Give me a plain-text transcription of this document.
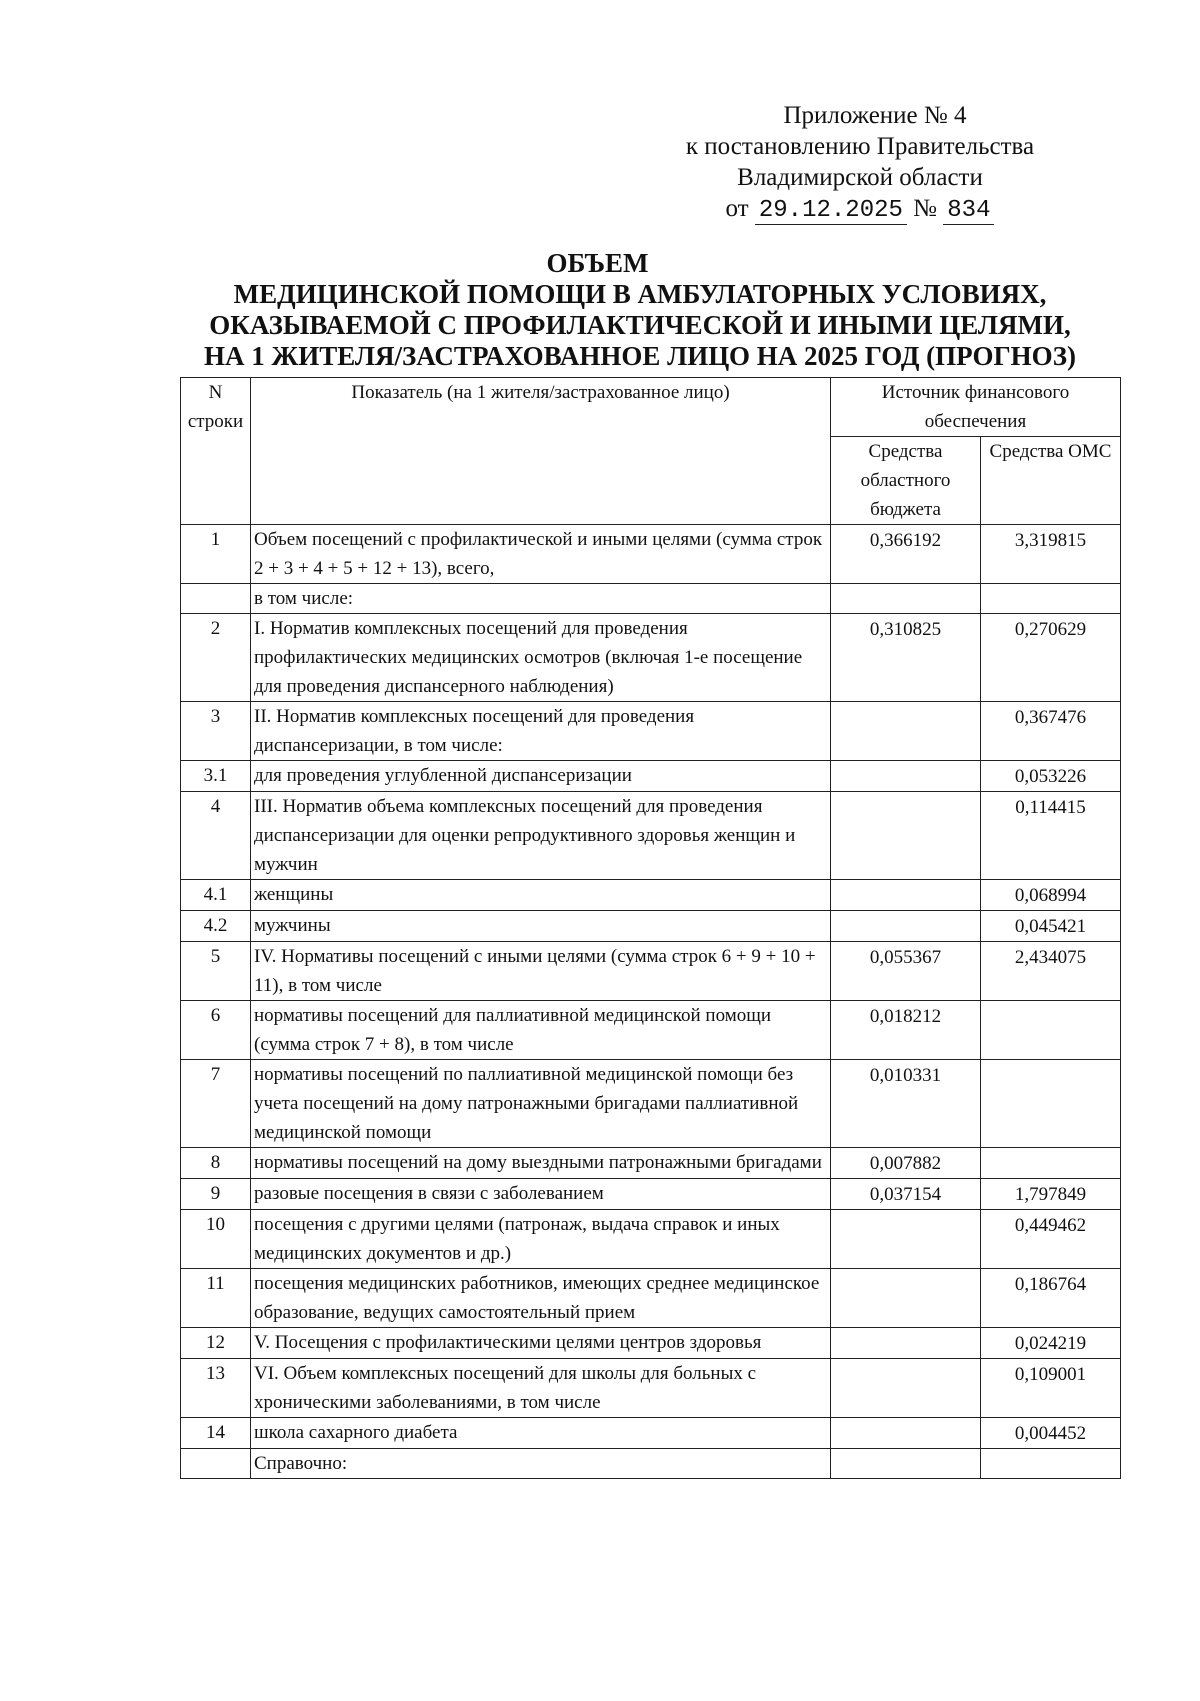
Приложение № 4
к постановлению Правительства
Владимирской области
от 29.12.2025 № 834
ОБЪЕМ
МЕДИЦИНСКОЙ ПОМОЩИ В АМБУЛАТОРНЫХ УСЛОВИЯХ,
ОКАЗЫВАЕМОЙ С ПРОФИЛАКТИЧЕСКОЙ И ИНЫМИ ЦЕЛЯМИ,
НА 1 ЖИТЕЛЯ/ЗАСТРАХОВАННОЕ ЛИЦО НА 2025 ГОД (ПРОГНОЗ)
N строки	Показатель (на 1 жителя/застрахованное лицо)	Источник финансового обеспечения	
		Средства областного бюджета	Средства ОМС
1	Объем посещений с профилактической и иными целями (сумма строк 2 + 3 + 4 + 5 + 12 + 13), всего,	0,366192	3,319815
	в том числе:		
2	I. Норматив комплексных посещений для проведения профилактических медицинских осмотров (включая 1-е посещение для проведения диспансерного наблюдения)	0,310825	0,270629
3	II. Норматив комплексных посещений для проведения диспансеризации, в том числе:		0,367476
3.1	для проведения углубленной диспансеризации		0,053226
4	III. Норматив объема комплексных посещений для проведения диспансеризации для оценки репродуктивного здоровья женщин и мужчин		0,114415
4.1	женщины		0,068994
4.2	мужчины		0,045421
5	IV. Нормативы посещений с иными целями (сумма строк 6 + 9 + 10 + 11), в том числе	0,055367	2,434075
6	нормативы посещений для паллиативной медицинской помощи (сумма строк 7 + 8), в том числе	0,018212	
7	нормативы посещений по паллиативной медицинской помощи без учета посещений на дому патронажными бригадами паллиативной медицинской помощи	0,010331	
8	нормативы посещений на дому выездными патронажными бригадами	0,007882	
9	разовые посещения в связи с заболеванием	0,037154	1,797849
10	посещения с другими целями (патронаж, выдача справок и иных медицинских документов и др.)		0,449462
11	посещения медицинских работников, имеющих среднее медицинское образование, ведущих самостоятельный прием		0,186764
12	V. Посещения с профилактическими целями центров здоровья		0,024219
13	VI. Объем комплексных посещений для школы для больных с хроническими заболеваниями, в том числе		0,109001
14	школа сахарного диабета		0,004452
	Справочно:		
